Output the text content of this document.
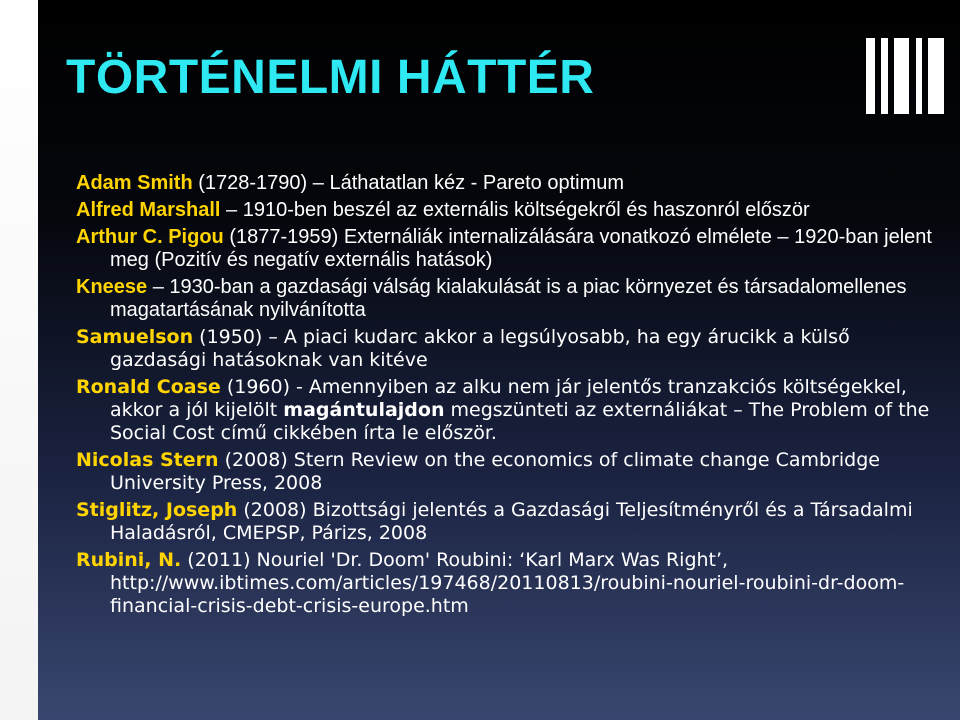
TÖRTÉNELMI HÁTTÉR

Adam Smith (1728-1790) – Láthatatlan kéz - Pareto optimum

Alfred Marshall – 1910-ben beszél az externális költségekről és haszonról először

Arthur C. Pigou (1877-1959) Externáliák internalizálására vonatkozó elmélete – 1920-ban jelent meg (Pozitív és negatív externális hatások)

Kneese – 1930-ban a gazdasági válság kialakulását is a piac környezet és társadalomellenes magatartásának nyilvánította

Samuelson (1950) – A piaci kudarc akkor a legsúlyosabb, ha egy árucikk a külső gazdasági hatásoknak van kitéve

Ronald Coase (1960) - Amennyiben az alku nem jár jelentős tranzakciós költségekkel, akkor a jól kijelölt magántulajdon megszünteti az externáliákat – The Problem of the Social Cost című cikkében írta le először.

Nicolas Stern (2008) Stern Review on the economics of climate change Cambridge University Press, 2008

Stiglitz, Joseph (2008) Bizottsági jelentés a Gazdasági Teljesítményről és a Társadalmi Haladásról, CMEPSP, Párizs, 2008

Rubini, N. (2011) Nouriel 'Dr. Doom' Roubini: ‘Karl Marx Was Right’, http://www.ibtimes.com/articles/197468/20110813/roubini-nouriel-roubini-dr-doom-financial-crisis-debt-crisis-europe.htm
